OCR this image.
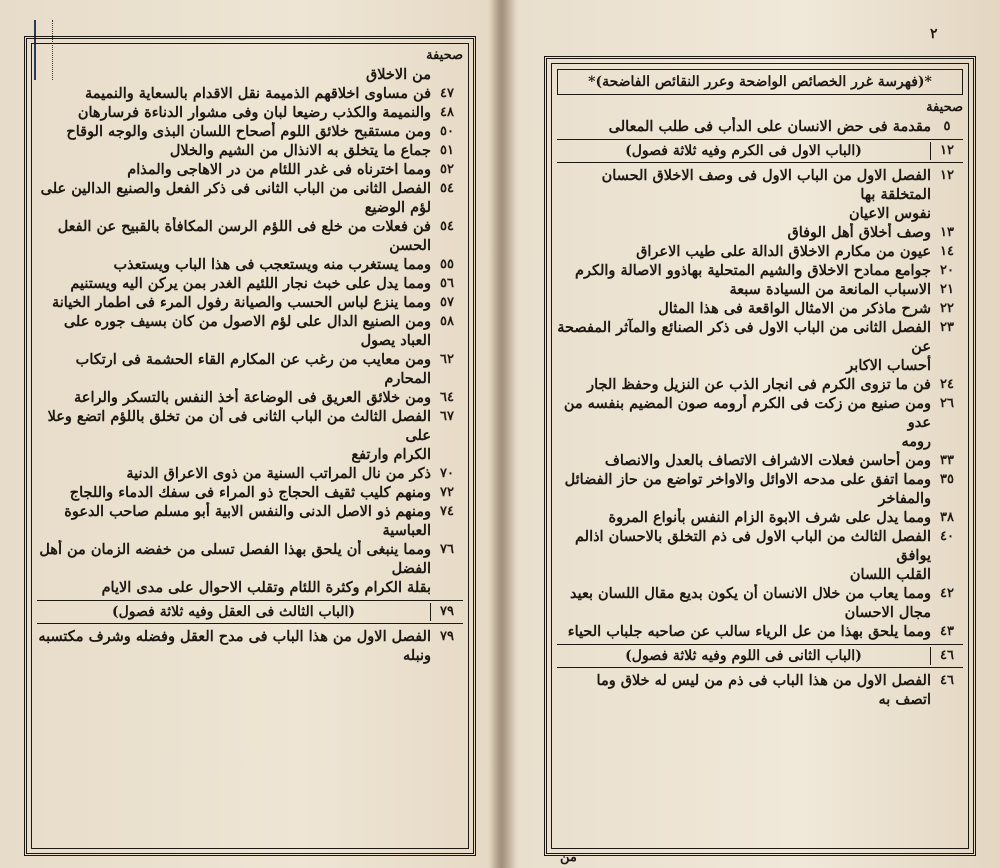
صحيفة
من الاخلاق
٤٧
فن مساوى اخلاقهم الذميمة نقل الاقدام بالسعاية والنميمة
٤٨
والنميمة والكذب رضيعا لبان وفى مشوار الدناءة فرسارهان
٥٠
ومن مستقبح خلائق اللوم أصحاح اللسان البذى والوجه الوقاح
٥١
جماع ما يتخلق به الانذال من الشيم والخلال
٥٢
ومما اخترناه فى غدر اللئام من در الاهاجى والمذام
٥٤
الفصل الثانى من الباب الثانى فى ذكر الفعل والصنيع الدالين على
لؤم الوضيع
٥٤
فن فعلات من خلع فى اللؤم الرسن المكافأة بالقبيح عن الفعل الحسن
٥٥
ومما يستغرب منه ويستعجب فى هذا الباب ويستعذب
٥٦
ومما يدل على خبث نجار اللئيم الغدر بمن يركن اليه ويستنيم
٥٧
ومما ينزع لباس الحسب والصيانة رفول المرء فى اطمار الخيانة
٥٨
ومن الصنيع الدال على لؤم الاصول من كان بسيف جوره على
العباد يصول
٦٢
ومن معايب من رغب عن المكارم القاء الحشمة فى ارتكاب المحارم
٦٤
ومن خلائق العريق فى الوضاعة أخذ النفس بالتسكر والراعة
٦٧
الفصل الثالث من الباب الثانى فى أن من تخلق باللؤم اتضع وعلا على
الكرام وارتفع
٧٠
ذكر من نال المراتب السنية من ذوى الاعراق الدنية
٧٢
ومنهم كليب ثقيف الحجاج ذو المراء فى سفك الدماء واللجاج
٧٤
ومنهم ذو الاصل الدنى والنفس الابية أبو مسلم صاحب الدعوة
العباسية
٧٦
ومما ينبغى أن يلحق بهذا الفصل تسلى من خفضه الزمان من أهل الفضل
بقلة الكرام وكثرة اللئام وتقلب الاحوال على مدى الايام
٧٩
(الباب الثالث فى العقل وفيه ثلاثة فصول)
٧٩
الفصل الاول من هذا الباب فى مدح العقل وفضله وشرف مكتسبه ونبله
٢
*(فهرسة غرر الخصائص الواضحة وعرر النقائص الفاضحة)*
صحيفة
٥
مقدمة فى حض الانسان على الدأب فى طلب المعالى
١٢
(الباب الاول فى الكرم وفيه ثلاثة فصول)
١٢
الفصل الاول من الباب الاول فى وصف الاخلاق الحسان المتخلقة بها
نفوس الاعيان
١٣
وصف أخلاق أهل الوفاق
١٤
عيون من مكارم الاخلاق الدالة على طيب الاعراق
٢٠
جوامع ممادح الاخلاق والشيم المتحلية بهاذوو الاصالة والكرم
٢١
الاسباب المانعة من السيادة سبعة
٢٢
شرح ماذكر من الامثال الواقعة فى هذا المثال
٢٣
الفصل الثانى من الباب الاول فى ذكر الصنائع والمآثر المفصحة عن
أحساب الاكابر
٢٤
فن ما تزوى الكرم فى انجار الذب عن النزيل وحفظ الجار
٢٦
ومن صنيع من زكت فى الكرم أرومه صون المضيم بنفسه من عدو
رومه
٣٣
ومن أحاسن فعلات الاشراف الاتصاف بالعدل والانصاف
٣٥
ومما اتفق على مدحه الاوائل والاواخر تواضع من حاز الفضائل
والمفاخر
٣٨
ومما يدل على شرف الابوة الزام النفس بأنواع المروة
٤٠
الفصل الثالث من الباب الاول فى ذم التخلق بالاحسان اذالم يوافق
القلب اللسان
٤٢
ومما يعاب من خلال الانسان أن يكون بديع مقال اللسان بعيد
مجال الاحسان
٤٣
ومما يلحق بهذا من عل الرياء سالب عن صاحبه جلباب الحياء
٤٦
(الباب الثانى فى اللوم وفيه ثلاثة فصول)
٤٦
الفصل الاول من هذا الباب فى ذم من ليس له خلاق وما اتصف به
من
